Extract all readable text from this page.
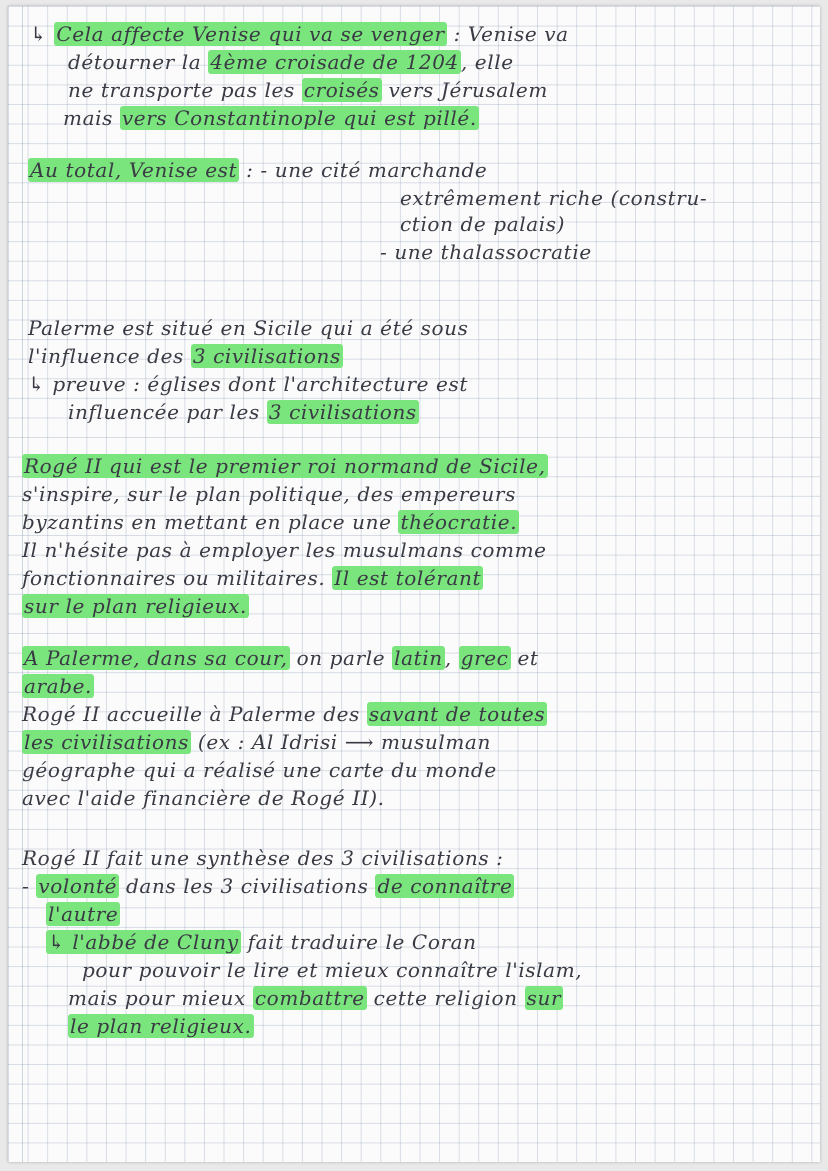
↳ Cela affecte Venise qui va se venger : Venise va
détourner la 4ème croisade de 1204 , elle
ne transporte pas les croisés vers Jérusalem
mais vers Constantinople qui est pillé.
Au total, Venise est : - une cité marchande
extrêmement riche (constru-
ction de palais)
- une thalassocratie
Palerme est situé en Sicile qui a été sous
l'influence des 3 civilisations
↳ preuve : églises dont l'architecture est
influencée par les 3 civilisations
Rogé II qui est le premier roi normand de Sicile,
s'inspire, sur le plan politique, des empereurs
byzantins en mettant en place une théocratie.
Il n'hésite pas à employer les musulmans comme
fonctionnaires ou militaires. Il est tolérant
sur le plan religieux.
A Palerme, dans sa cour, on parle latin , grec et
arabe.
Rogé II accueille à Palerme des savant de toutes
les civilisations (ex : Al Idrisi ⟶ musulman
géographe qui a réalisé une carte du monde
avec l'aide financière de Rogé II).
Rogé II fait une synthèse des 3 civilisations :
- volonté dans les 3 civilisations de connaître
l'autre
↳ l'abbé de Cluny fait traduire le Coran
pour pouvoir le lire et mieux connaître l'islam,
mais pour mieux combattre cette religion sur
le plan religieux.
